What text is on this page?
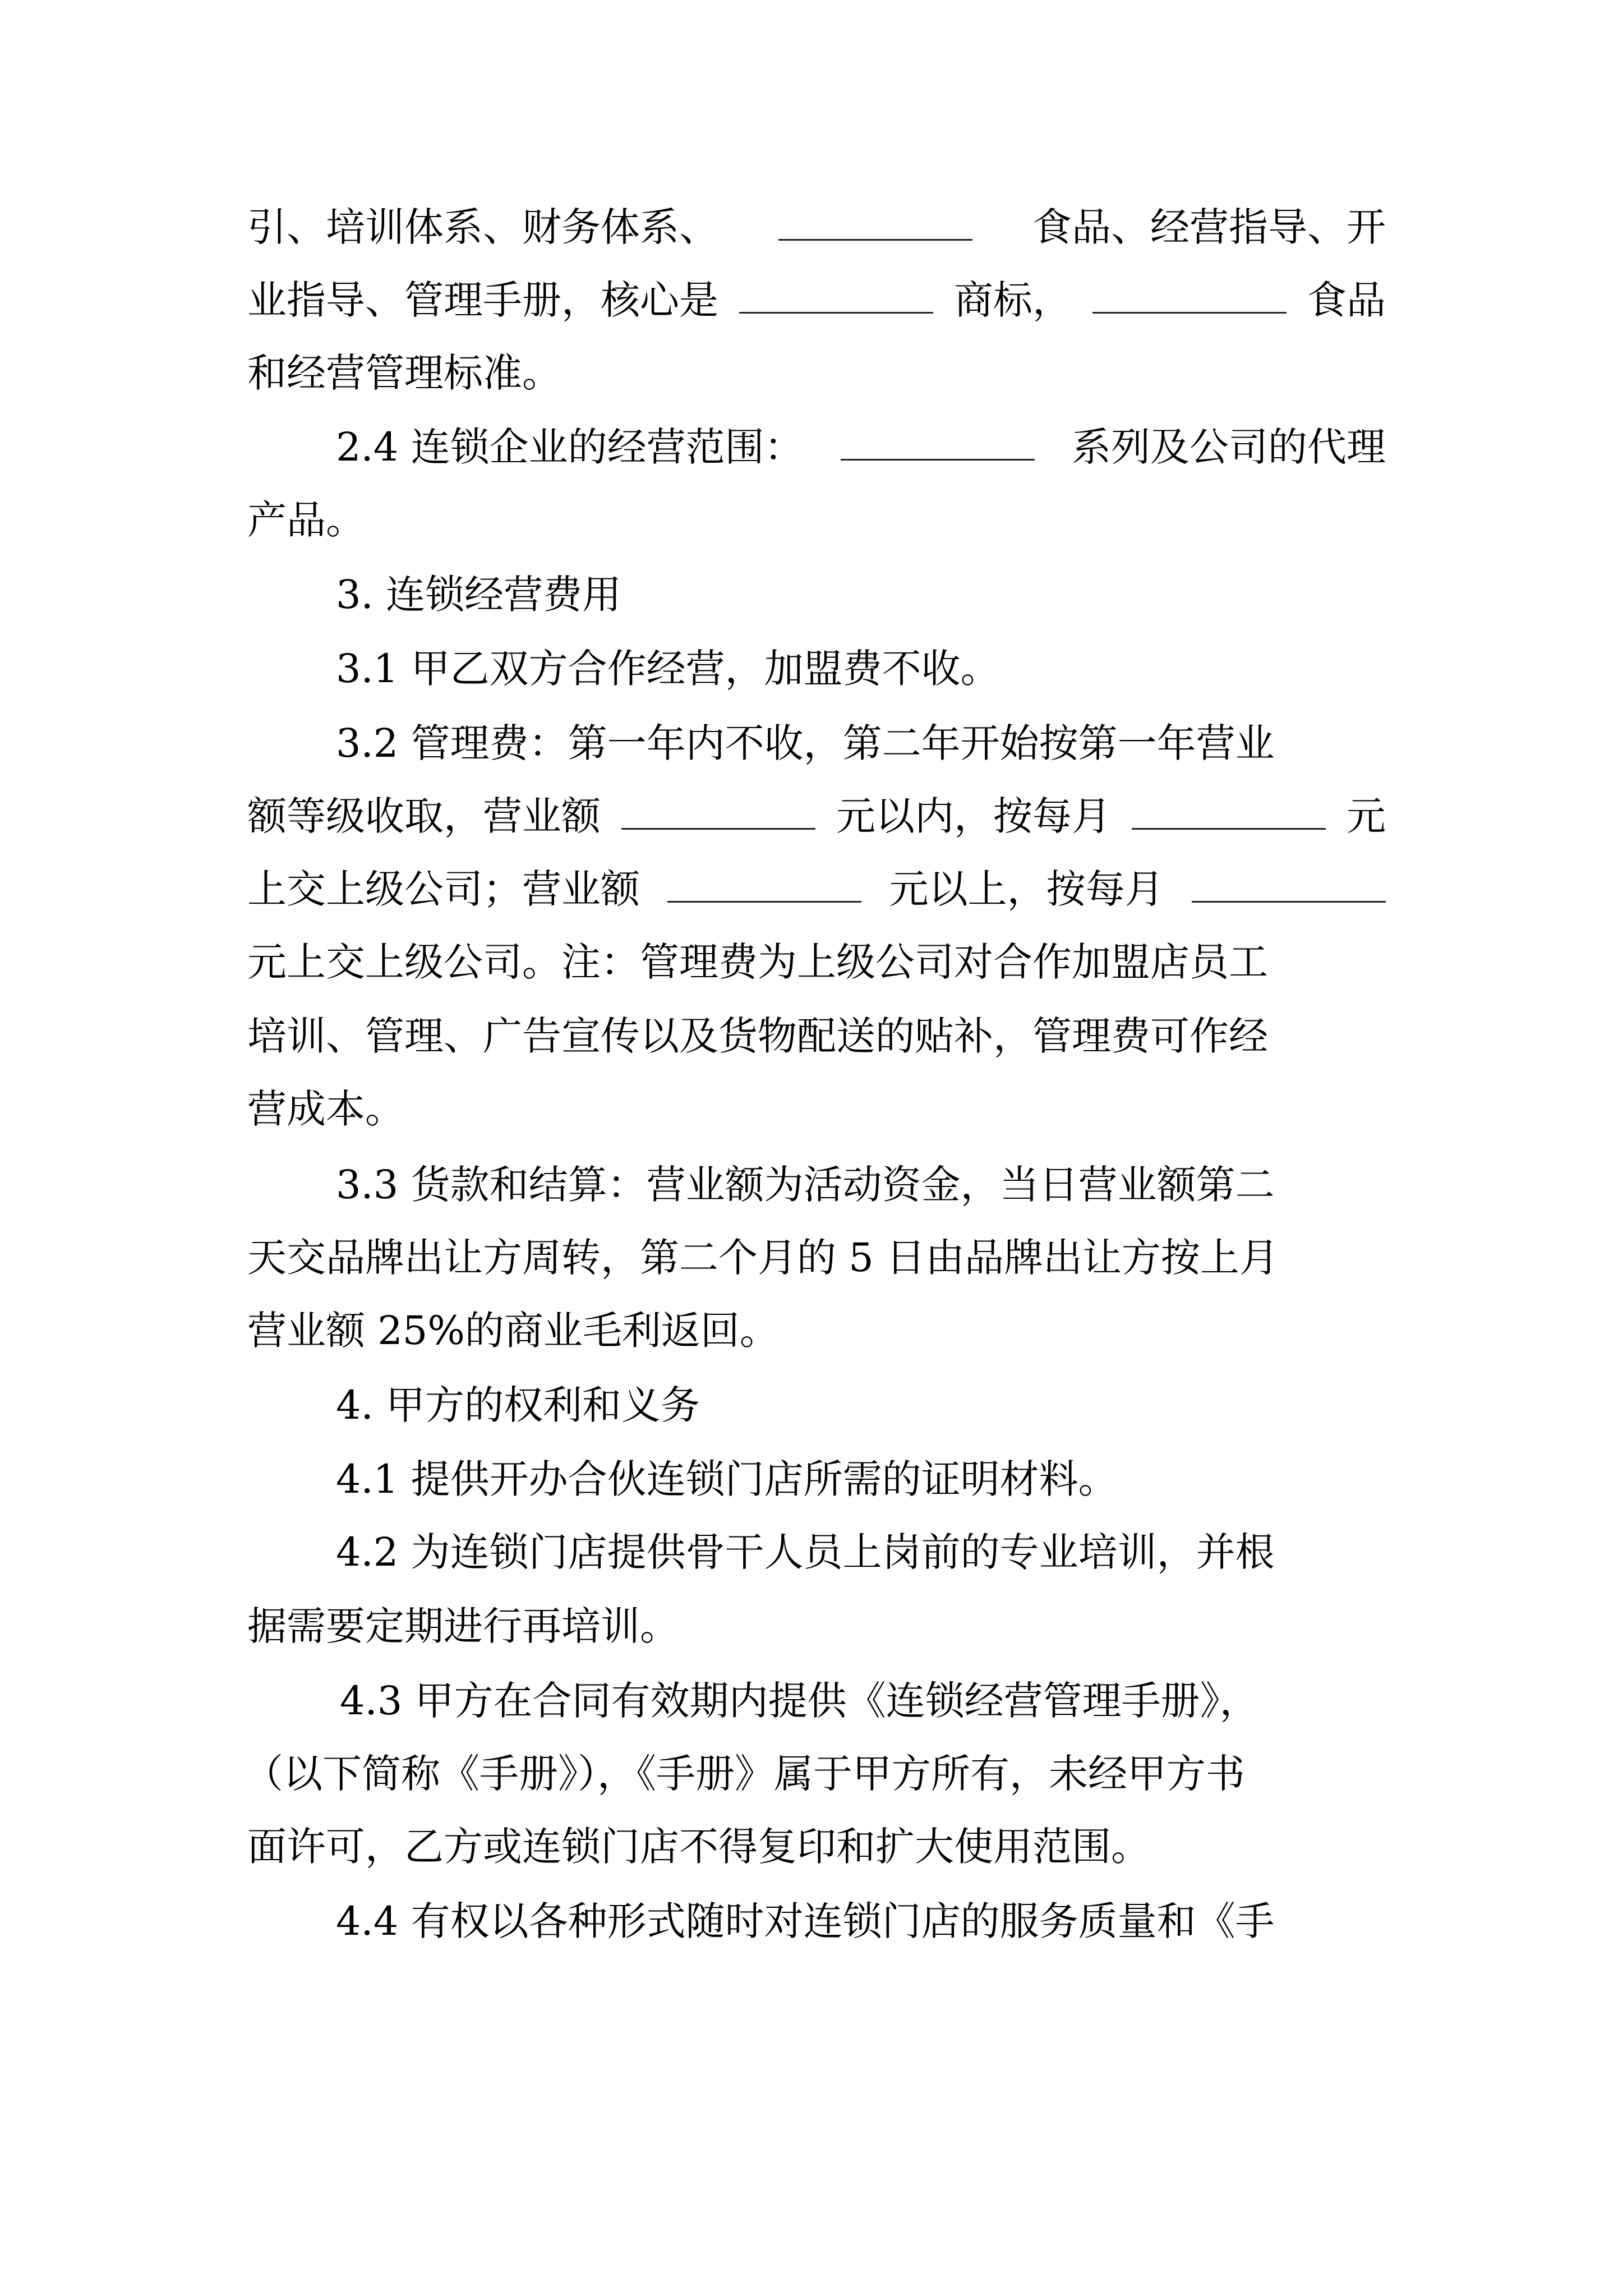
引、培训体系、财务体系、	食品、经营指导、开
业指导、管理手册，核心是	商标，	食品
和经营管理标准。
2.4 连锁企业的经营范围：	系列及公司的代理
产品。
3. 连锁经营费用
3.1 甲乙双方合作经营，加盟费不收。
3.2 管理费：第一年内不收，第二年开始按第一年营业
额等级收取，营业额	元以内，按每月	元
上交上级公司；营业额	元以上，按每月
元上交上级公司。注：管理费为上级公司对合作加盟店员工
培训、管理、广告宣传以及货物配送的贴补，管理费可作经
营成本。
3.3 货款和结算：营业额为活动资金，当日营业额第二
天交品牌出让方周转，第二个月的 5 日由品牌出让方按上月
营业额 25%的商业毛利返回。
4. 甲方的权利和义务
4.1 提供开办合伙连锁门店所需的证明材料。
4.2 为连锁门店提供骨干人员上岗前的专业培训，并根
据需要定期进行再培训。
4.3 甲方在合同有效期内提供《连锁经营管理手册》，
（以下简称《手册》），《手册》属于甲方所有，未经甲方书
面许可，乙方或连锁门店不得复印和扩大使用范围。
4.4 有权以各种形式随时对连锁门店的服务质量和《手
